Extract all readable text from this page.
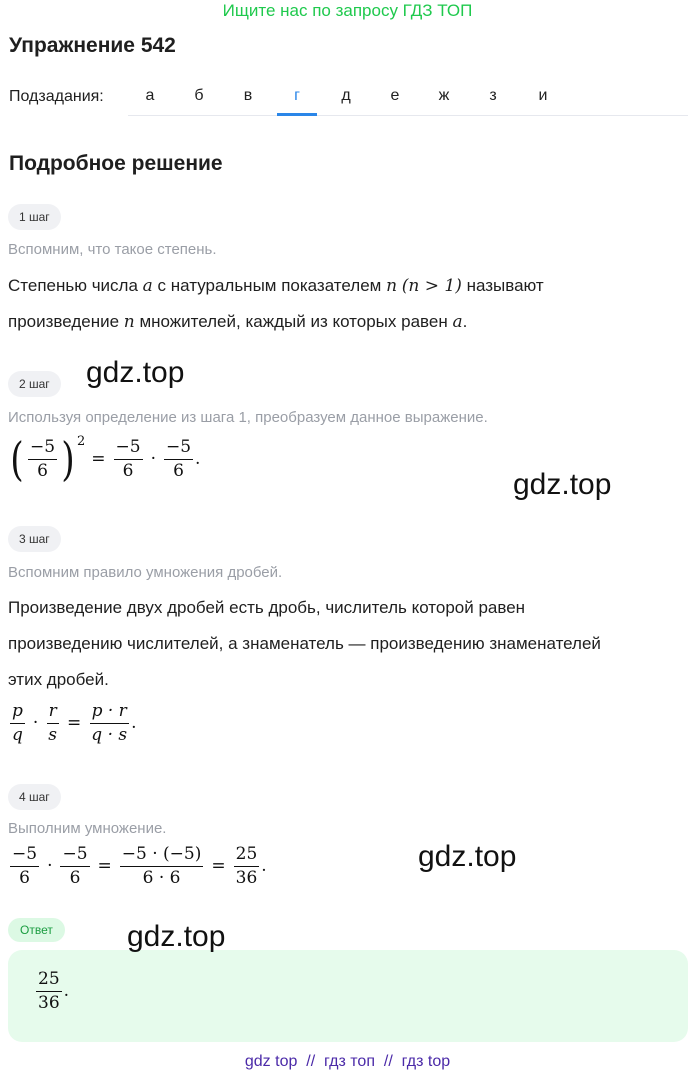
Ищите нас по запросу ГДЗ ТОП
Упражнение 542
Подзадания:	а	б	в	г	д	е	ж	з	и
Подробное решение
1 шаг
Вспомним, что такое степень.
Степенью числа a с натуральным показателем n (n > 1) называют
произведение n множителей, каждый из которых равен a.
2 шаг
Используя определение из шага 1, преобразуем данное выражение.
( $\frac{-5}{6}$ ) 2
= $\frac{-5}{6} \cdot \frac{-5}{6}$ .
3 шаг
Вспомним правило умножения дробей.
Произведение двух дробей есть дробь, числитель которой равен
произведению числителей, а знаменатель — произведению знаменателей
этих дробей.
$\frac{p}{q} \cdot \frac{r}{s} = \frac{p \cdot r}{q \cdot s}$ .
4 шаг
Выполним умножение.
$\frac{-5}{6} \cdot \frac{-5}{6} = \frac{-5 \cdot (-5)}{6 \cdot 6} = \frac{25}{36}$ .
Ответ
$\frac{25}{36}$ .
gdz.top
gdz.top
gdz.top
gdz.top
gdz top  //  гдз топ  //  гдз top
